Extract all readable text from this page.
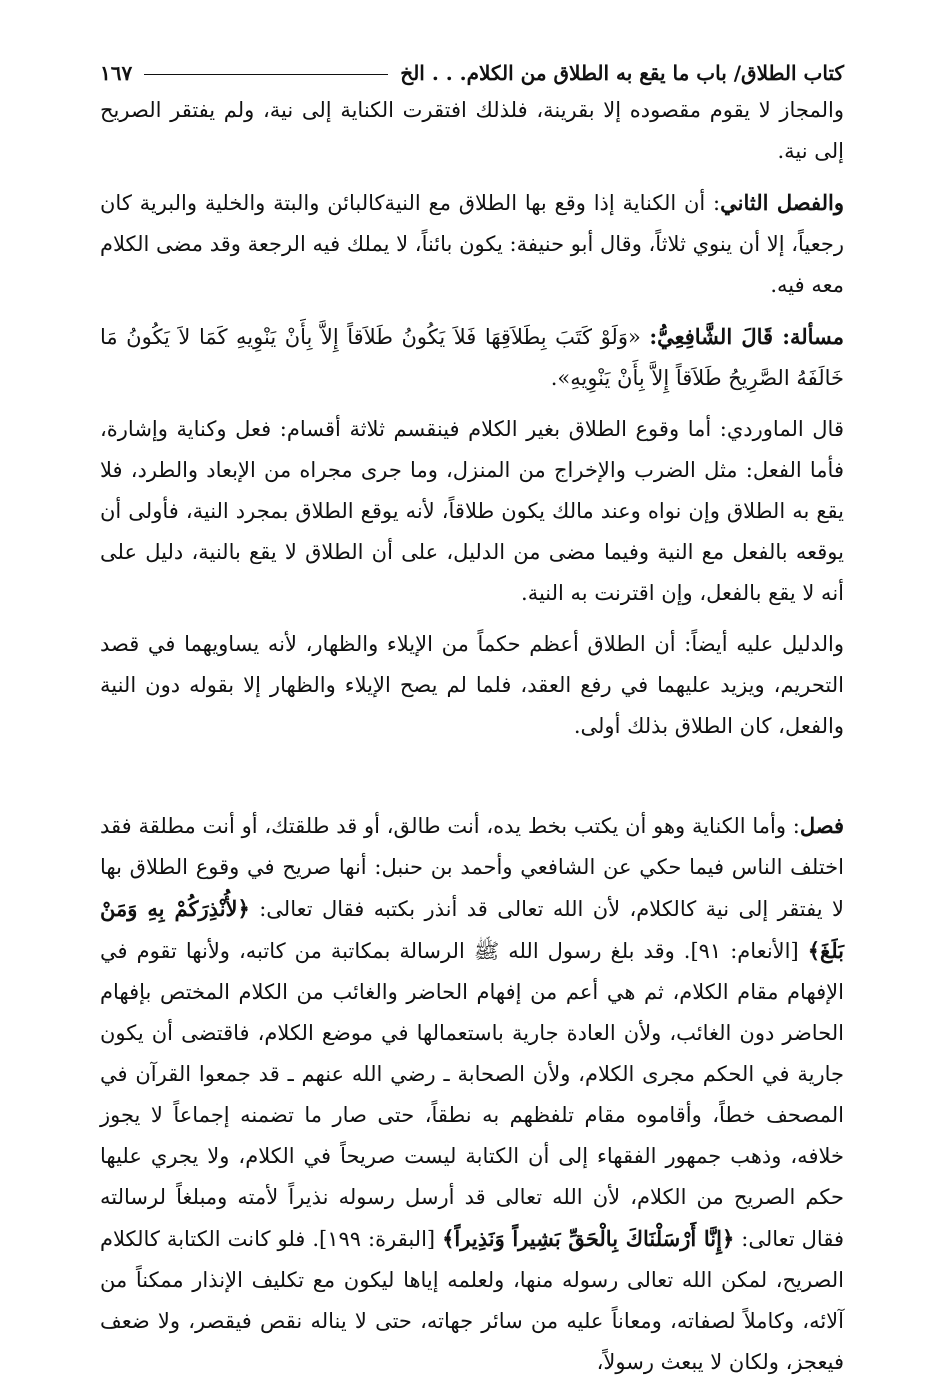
كتاب الطلاق/ باب ما يقع به الطلاق من الكلام. . . الخ
١٦٧

والمجاز لا يقوم مقصوده إلا بقرينة، فلذلك افتقرت الكناية إلى نية، ولم يفتقر الصريح إلى نية.

والفصل الثاني: أن الكناية إذا وقع بها الطلاق مع النيةكالبائن والبتة والخلية والبرية كان رجعياً، إلا أن ينوي ثلاثاً، وقال أبو حنيفة: يكون بائناً، لا يملك فيه الرجعة وقد مضى الكلام معه فيه.

مسألة: قَالَ الشَّافِعِيُّ: «وَلَوْ كَتَبَ بِطَلاَقِهَا فَلاَ يَكُونُ طَلاَقاً إِلاَّ بِأَنْ يَنْوِيهِ كَمَا لاَ يَكُونُ مَا خَالَفَهُ الصَّرِيحُ طَلاَقاً إِلاَّ بِأَنْ يَنْوِيهِ».

قال الماوردي: أما وقوع الطلاق بغير الكلام فينقسم ثلاثة أقسام: فعل وكناية وإشارة، فأما الفعل: مثل الضرب والإخراج من المنزل، وما جرى مجراه من الإبعاد والطرد، فلا يقع به الطلاق وإن نواه وعند مالك يكون طلاقاً، لأنه يوقع الطلاق بمجرد النية، فأولى أن يوقعه بالفعل مع النية وفيما مضى من الدليل، على أن الطلاق لا يقع بالنية، دليل على أنه لا يقع بالفعل، وإن اقترنت به النية.

والدليل عليه أيضاً: أن الطلاق أعظم حكماً من الإيلاء والظهار، لأنه يساويهما في قصد التحريم، ويزيد عليهما في رفع العقد، فلما لم يصح الإيلاء والظهار إلا بقوله دون النية والفعل، كان الطلاق بذلك أولى.

فصل: وأما الكناية وهو أن يكتب بخط يده، أنت طالق، أو قد طلقتك، أو أنت مطلقة فقد اختلف الناس فيما حكي عن الشافعي وأحمد بن حنبل: أنها صريح في وقوع الطلاق بها لا يفتقر إلى نية كالكلام، لأن الله تعالى قد أنذر بكتبه فقال تعالى: ﴿لأُنْذِرَكُمْ بِهِ وَمَنْ بَلَغَ﴾ [الأنعام: ٩١]. وقد بلغ رسول الله ﷺ الرسالة بمكاتبة من كاتبه، ولأنها تقوم في الإفهام مقام الكلام، ثم هي أعم من إفهام الحاضر والغائب من الكلام المختص بإفهام الحاضر دون الغائب، ولأن العادة جارية باستعمالها في موضع الكلام، فاقتضى أن يكون جارية في الحكم مجرى الكلام، ولأن الصحابة ـ رضي الله عنهم ـ قد جمعوا القرآن في المصحف خطاً، وأقاموه مقام تلفظهم به نطقاً، حتى صار ما تضمنه إجماعاً لا يجوز خلافه، وذهب جمهور الفقهاء إلى أن الكتابة ليست صريحاً في الكلام، ولا يجري عليها حكم الصريح من الكلام، لأن الله تعالى قد أرسل رسوله نذيراً لأمته ومبلغاً لرسالته فقال تعالى: ﴿إِنَّا أَرْسَلْنَاكَ بِالْحَقِّ بَشِيراً وَنَذِيراً﴾ [البقرة: ١٩٩]. فلو كانت الكتابة كالكلام الصريح، لمكن الله تعالى رسوله منها، ولعلمه إياها ليكون مع تكليف الإنذار ممكناً من آلائه، وكاملاً لصفاته، ومعاناً عليه من سائر جهاته، حتى لا يناله نقص فيقصر، ولا ضعف فيعجز، ولكان لا يبعث رسولاً،
